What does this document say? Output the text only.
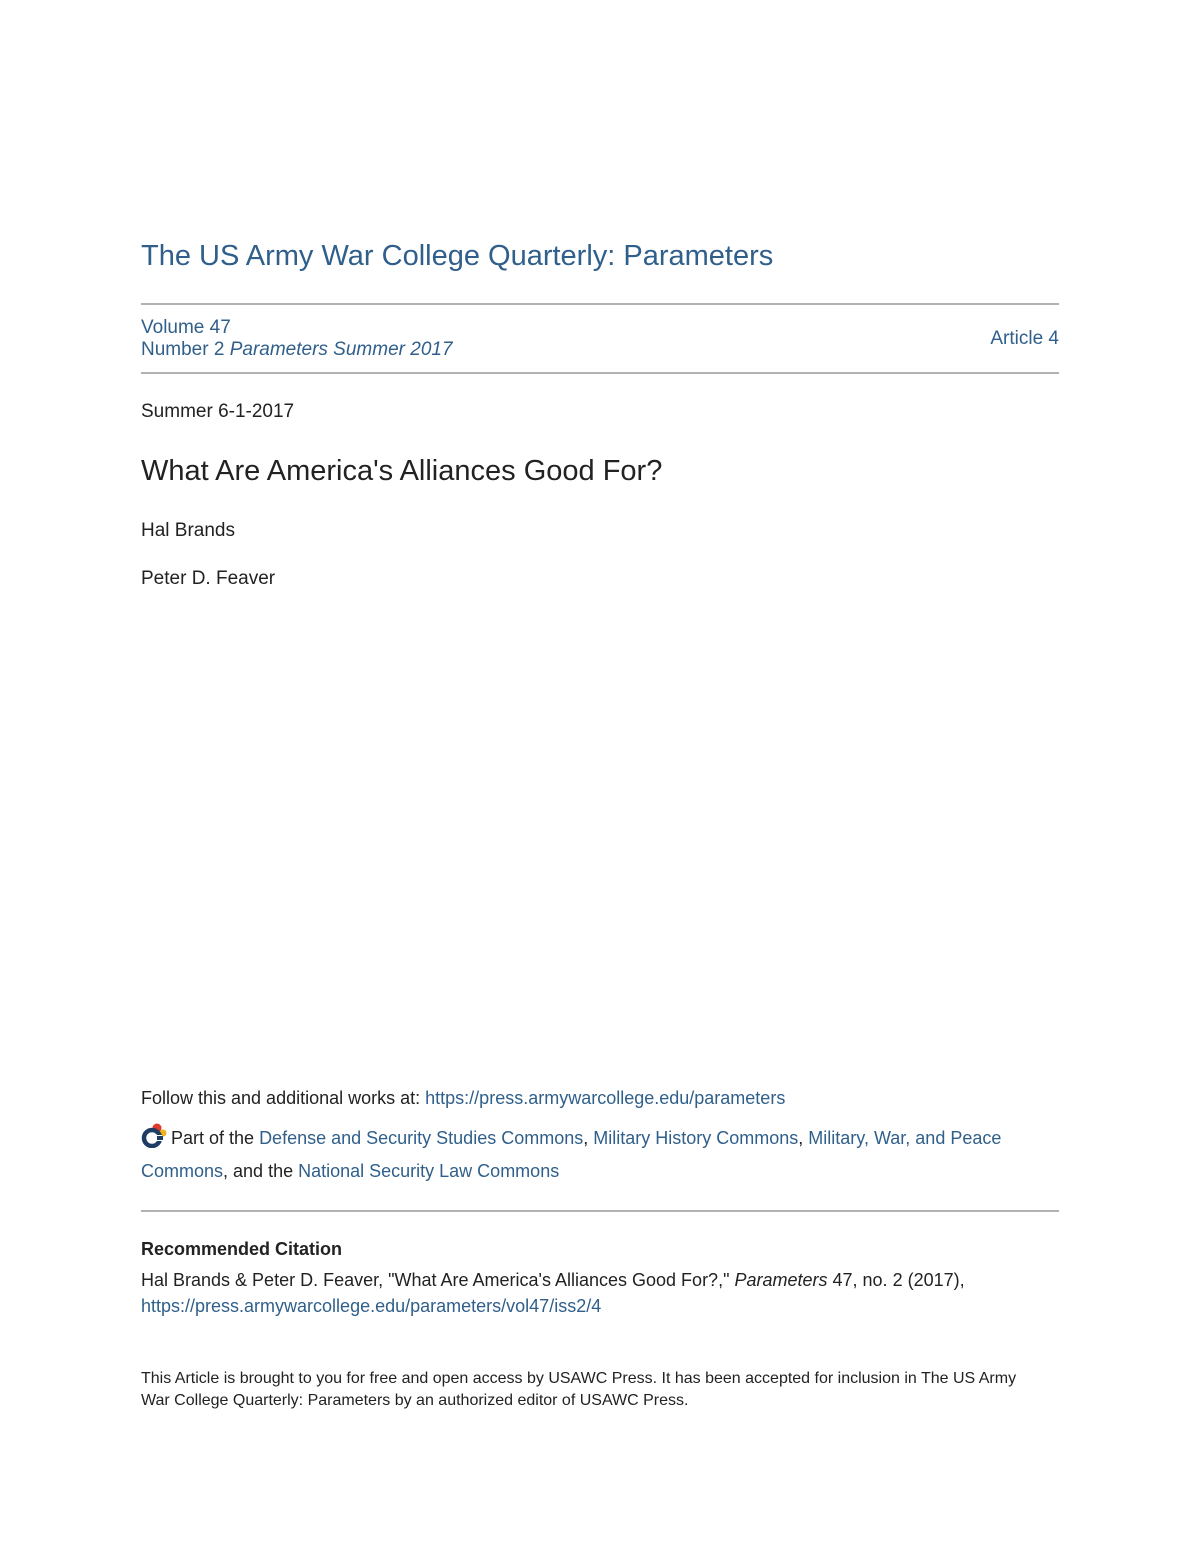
The US Army War College Quarterly: Parameters
Volume 47
Number 2 Parameters Summer 2017
Article 4
Summer 6-1-2017
What Are America's Alliances Good For?
Hal Brands
Peter D. Feaver
Follow this and additional works at: https://press.armywarcollege.edu/parameters
Part of the Defense and Security Studies Commons, Military History Commons, Military, War, and Peace Commons, and the National Security Law Commons
Recommended Citation
Hal Brands & Peter D. Feaver, "What Are America's Alliances Good For?," Parameters 47, no. 2 (2017),
https://press.armywarcollege.edu/parameters/vol47/iss2/4
This Article is brought to you for free and open access by USAWC Press. It has been accepted for inclusion in The US Army War College Quarterly: Parameters by an authorized editor of USAWC Press.
